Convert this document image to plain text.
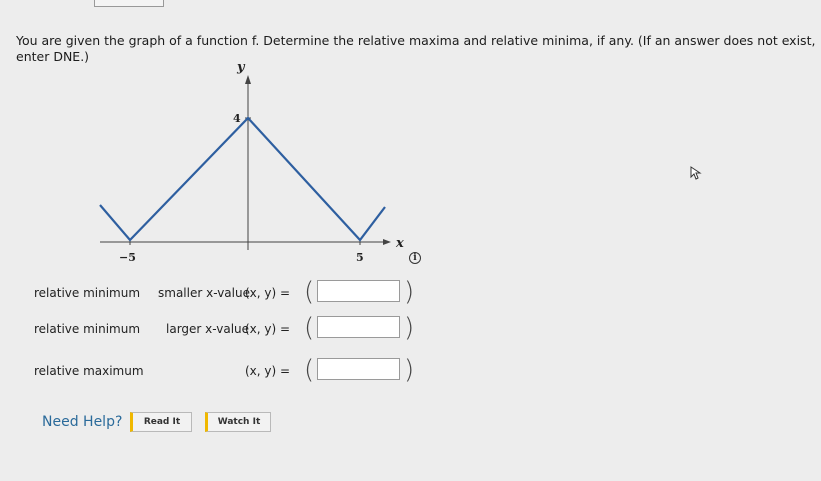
You are given the graph of a function f. Determine the relative maxima and relative minima, if any. (If an answer does not exist, enter DNE.)
y
x
4
−5	5	i
relative minimum smaller x-value
(x, y) = (	)
relative minimum larger x-value
(x, y) = (	)
relative maximum	(x, y) = (	)
Need Help?	Read It	Watch It
